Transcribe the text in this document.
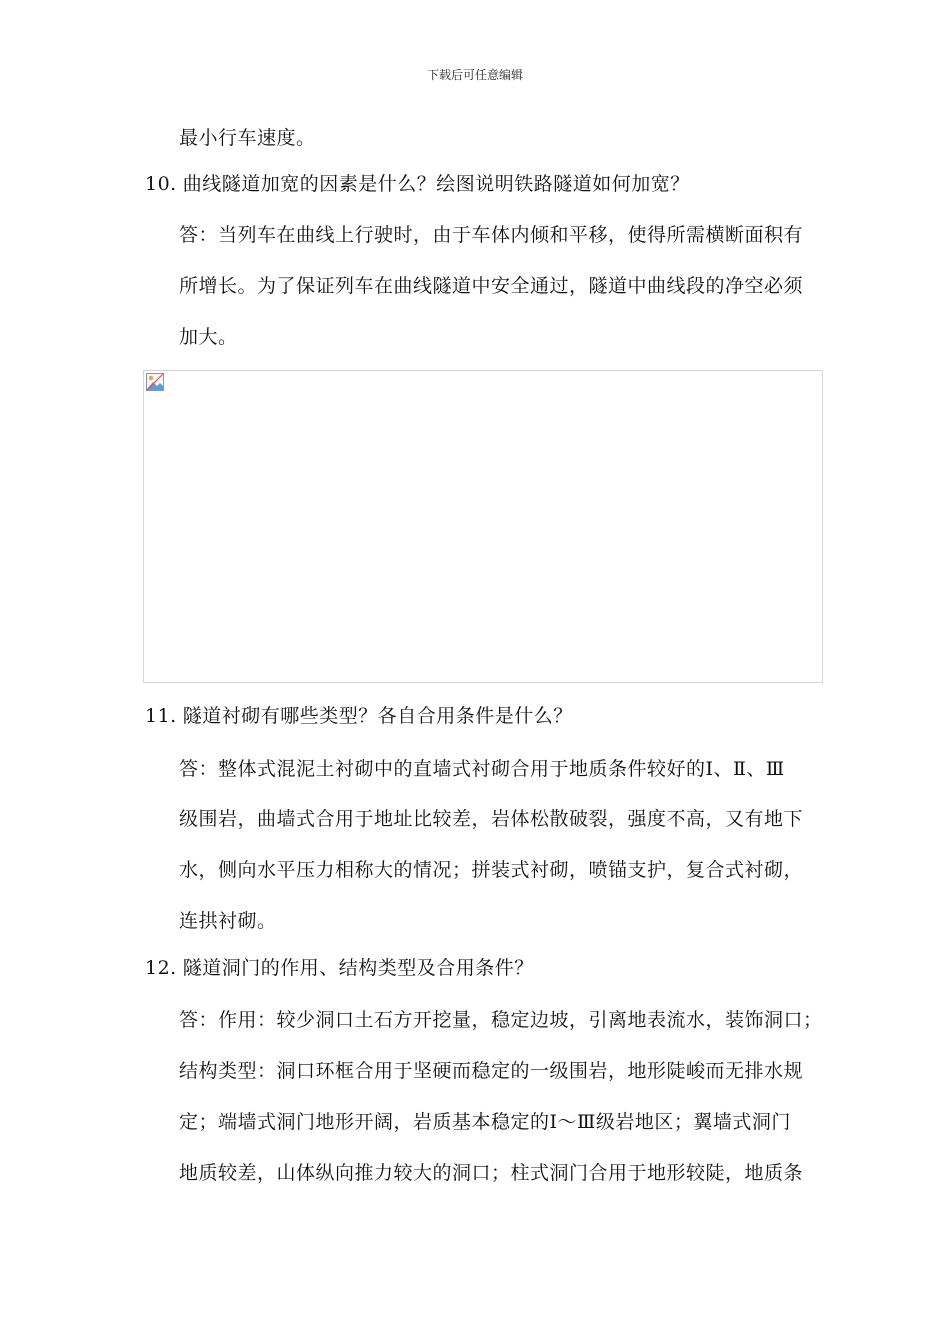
下载后可任意编辑
最小行车速度。
10. 曲线隧道加宽的因素是什么？绘图说明铁路隧道如何加宽？
答：当列车在曲线上行驶时，由于车体内倾和平移，使得所需横断面积有
所增长。为了保证列车在曲线隧道中安全通过，隧道中曲线段的净空必须
加大。
11. 隧道衬砌有哪些类型？各自合用条件是什么？
答：整体式混泥土衬砌中的直墙式衬砌合用于地质条件较好的Ⅰ、Ⅱ、Ⅲ
级围岩，曲墙式合用于地址比较差，岩体松散破裂，强度不高，又有地下
水，侧向水平压力相称大的情况；拼装式衬砌，喷锚支护，复合式衬砌，
连拱衬砌。
12. 隧道洞门的作用、结构类型及合用条件？
答：作用：较少洞口土石方开挖量，稳定边坡，引离地表流水，装饰洞口；
结构类型：洞口环框合用于坚硬而稳定的一级围岩，地形陡峻而无排水规
定；端墙式洞门地形开阔，岩质基本稳定的Ⅰ～Ⅲ级岩地区；翼墙式洞门
地质较差，山体纵向推力较大的洞口；柱式洞门合用于地形较陡，地质条
